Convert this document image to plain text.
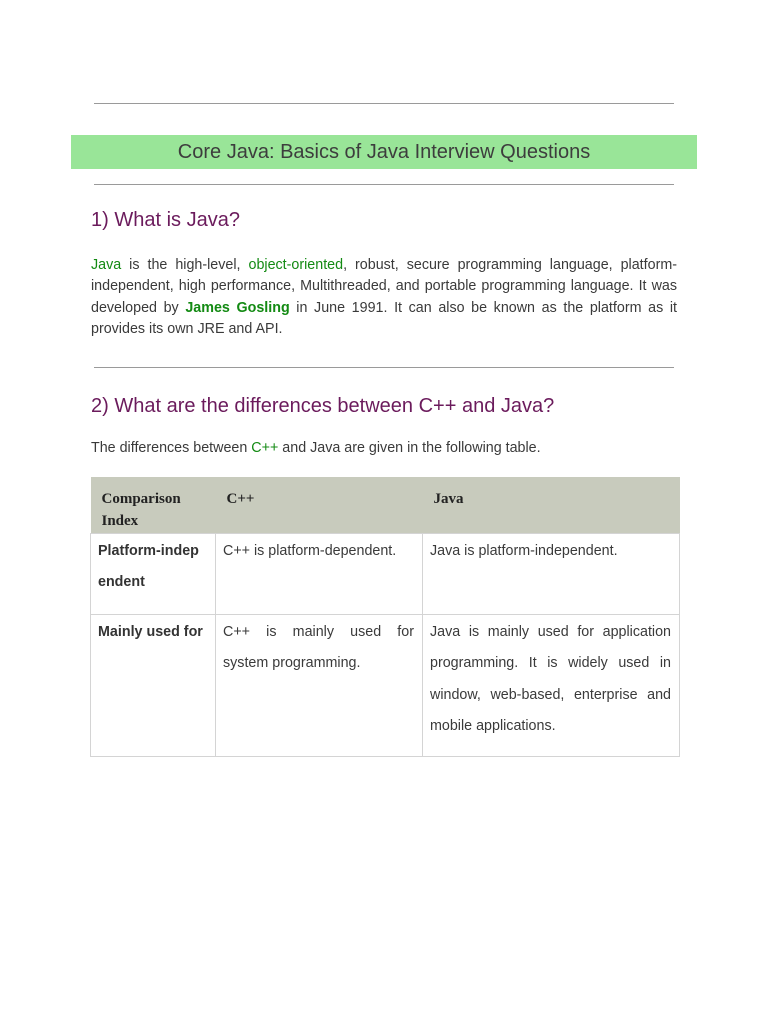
Core Java: Basics of Java Interview Questions
1) What is Java?

Java is the high-level, object-oriented, robust, secure programming language, platform-independent, high performance, Multithreaded, and portable programming language. It was developed by James Gosling in June 1991. It can also be known as the platform as it provides its own JRE and API.

2) What are the differences between C++ and Java?

The differences between C++ and Java are given in the following table.

Comparison Index	C++	Java
Platform-indep endent	C++ is platform-dependent.	Java is platform-independent.
Mainly used for	C++ is mainly used for system programming.	Java is mainly used for application programming. It is widely used in window, web-based, enterprise and mobile applications.
